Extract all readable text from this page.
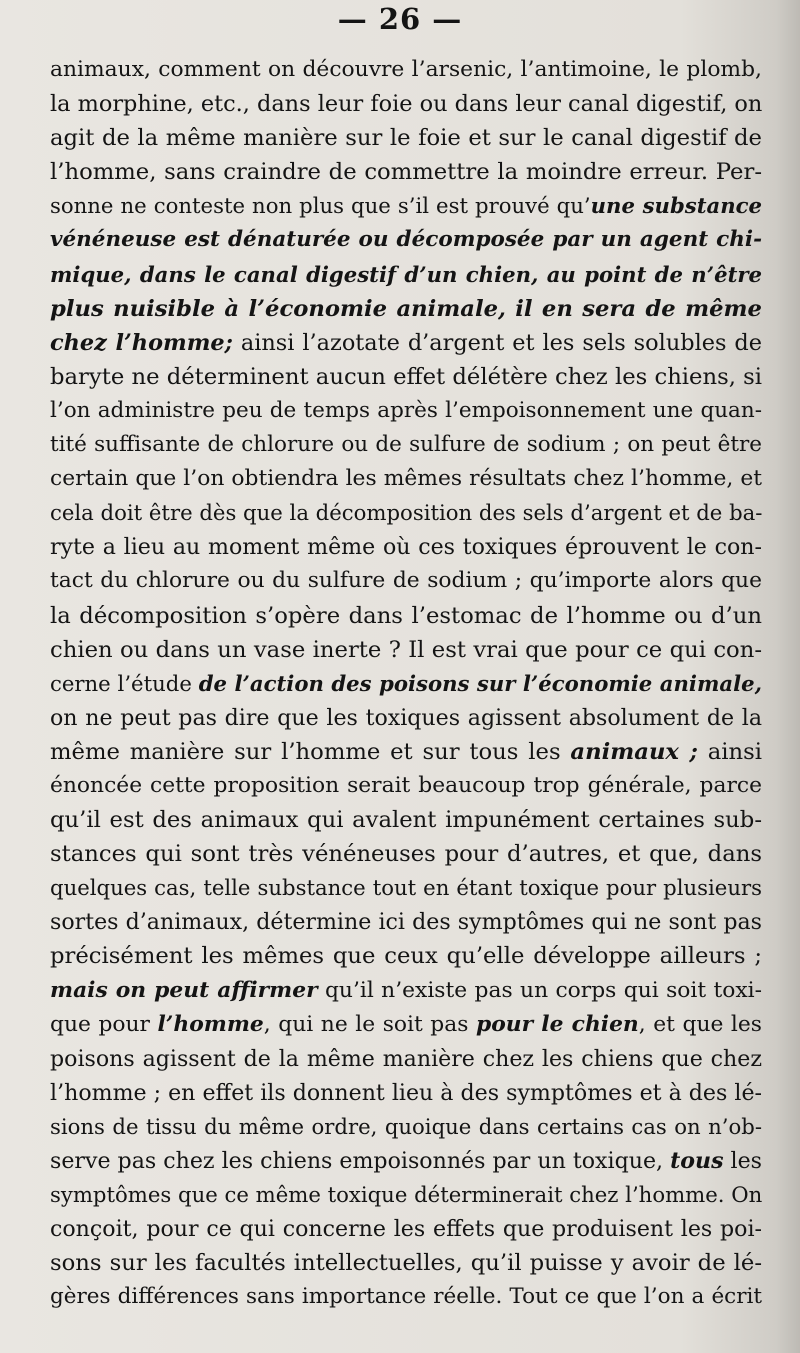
— 26 —
animaux, comment on découvre l’arsenic, l’antimoine, le plomb,
la morphine, etc., dans leur foie ou dans leur canal digestif, on
agit de la même manière sur le foie et sur le canal digestif de
l’homme, sans craindre de commettre la moindre erreur. Per-
sonne ne conteste non plus que s’il est prouvé qu’une substance
vénéneuse est dénaturée ou décomposée par un agent chi-
mique, dans le canal digestif d’un chien, au point de n’être
plus nuisible à l’économie animale, il en sera de même
chez l’homme; ainsi l’azotate d’argent et les sels solubles de
baryte ne déterminent aucun effet délétère chez les chiens, si
l’on administre peu de temps après l’empoisonnement une quan-
tité suffisante de chlorure ou de sulfure de sodium ; on peut être
certain que l’on obtiendra les mêmes résultats chez l’homme, et
cela doit être dès que la décomposition des sels d’argent et de ba-
ryte a lieu au moment même où ces toxiques éprouvent le con-
tact du chlorure ou du sulfure de sodium ; qu’importe alors que
la décomposition s’opère dans l’estomac de l’homme ou d’un
chien ou dans un vase inerte ? Il est vrai que pour ce qui con-
cerne l’étude de l’action des poisons sur l’économie animale,
on ne peut pas dire que les toxiques agissent absolument de la
même manière sur l’homme et sur tous les animaux ; ainsi
énoncée cette proposition serait beaucoup trop générale, parce
qu’il est des animaux qui avalent impunément certaines sub-
stances qui sont très vénéneuses pour d’autres, et que, dans
quelques cas, telle substance tout en étant toxique pour plusieurs
sortes d’animaux, détermine ici des symptômes qui ne sont pas
précisément les mêmes que ceux qu’elle développe ailleurs ;
mais on peut affirmer qu’il n’existe pas un corps qui soit toxi-
que pour l’homme, qui ne le soit pas pour le chien, et que les
poisons agissent de la même manière chez les chiens que chez
l’homme ; en effet ils donnent lieu à des symptômes et à des lé-
sions de tissu du même ordre, quoique dans certains cas on n’ob-
serve pas chez les chiens empoisonnés par un toxique, tous les
symptômes que ce même toxique déterminerait chez l’homme. On
conçoit, pour ce qui concerne les effets que produisent les poi-
sons sur les facultés intellectuelles, qu’il puisse y avoir de lé-
gères différences sans importance réelle. Tout ce que l’on a écrit
